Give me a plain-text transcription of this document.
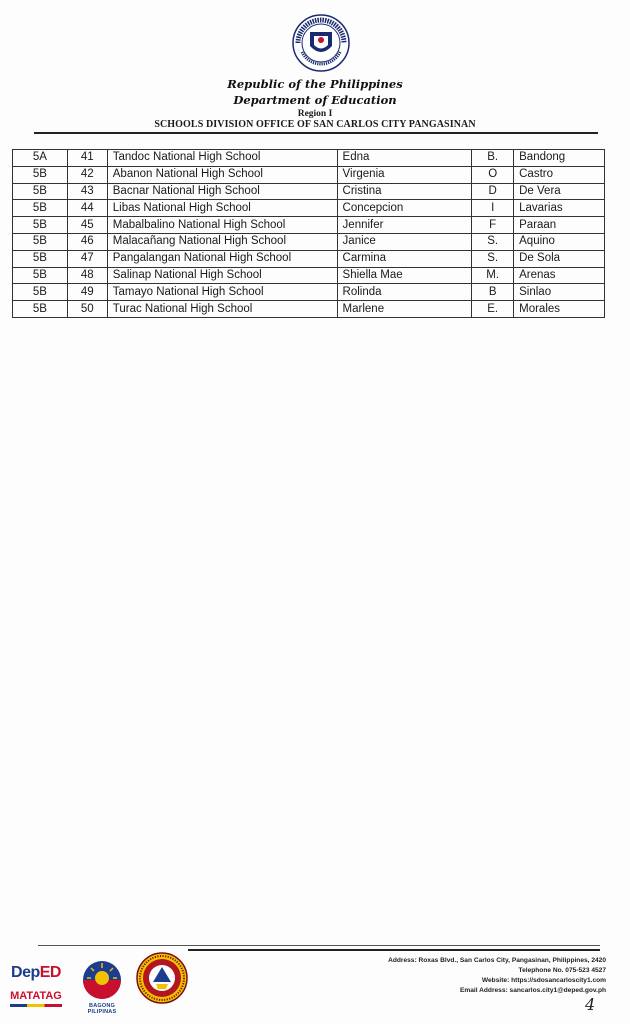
Republic of the Philippines
Department of Education
Region I
SCHOOLS DIVISION OFFICE OF SAN CARLOS CITY PANGASINAN
5A	41	Tandoc National High School	Edna	B.	Bandong
5B	42	Abanon National High School	Virgenia	O	Castro
5B	43	Bacnar National High School	Cristina	D	De Vera
5B	44	Libas National High School	Concepcion	I	Lavarias
5B	45	Mabalbalino National High School	Jennifer	F	Paraan
5B	46	Malacañang National High School	Janice	S.	Aquino
5B	47	Pangalangan National High School	Carmina	S.	De Sola
5B	48	Salinap National High School	Shiella Mae	M.	Arenas
5B	49	Tamayo National High School	Rolinda	B	Sinlao
5B	50	Turac National High School	Marlene	E.	Morales
DepED
MATATAG
BAGONG PILIPINAS
Address: Roxas Blvd., San Carlos City, Pangasinan, Philippines, 2420
Telephone No. 075-523 4527
Website: https://sdosancarloscity1.com
Email Address: sancarlos.city1@deped.gov.ph
4
